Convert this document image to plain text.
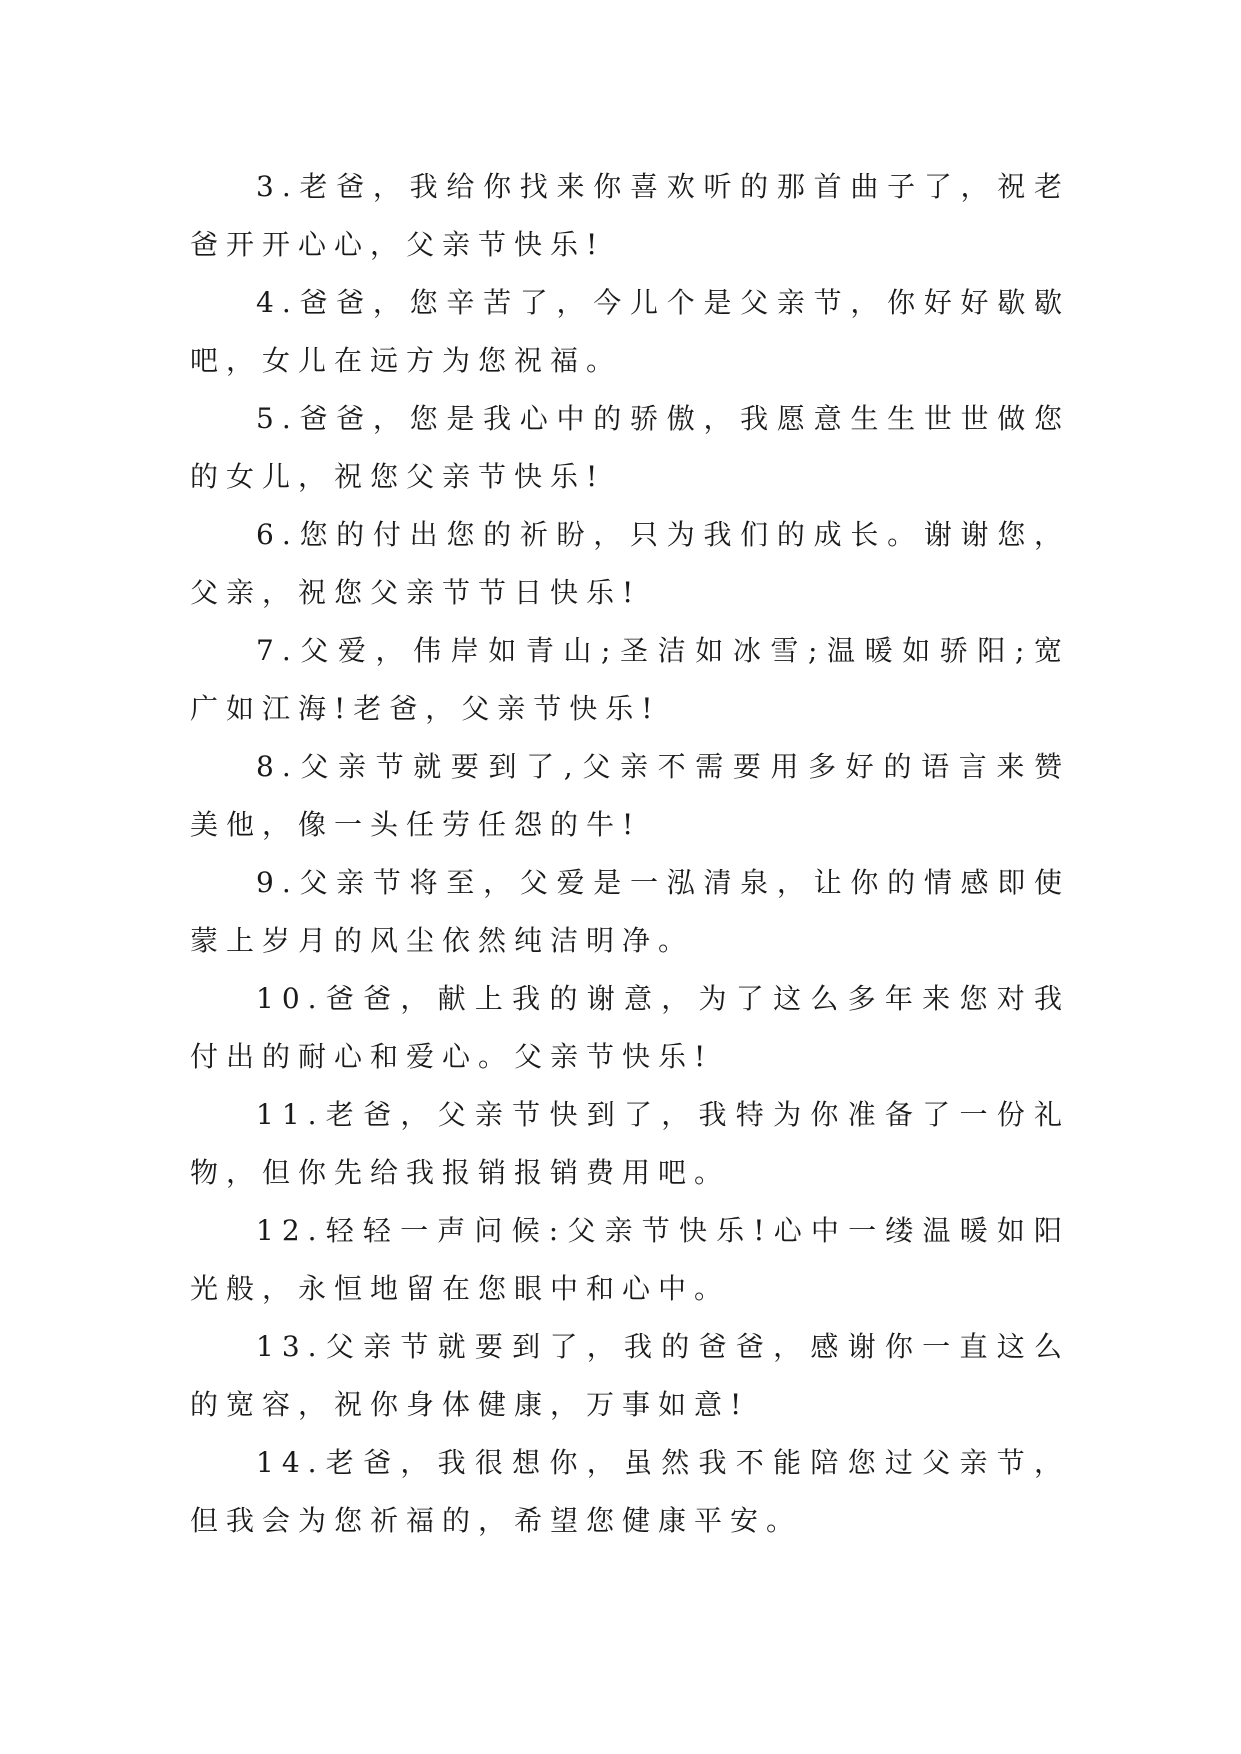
3.老爸，我给你找来你喜欢听的那首曲子了，祝老爸开开心心，父亲节快乐!

4.爸爸，您辛苦了，今儿个是父亲节，你好好歇歇吧，女儿在远方为您祝福。

5.爸爸，您是我心中的骄傲，我愿意生生世世做您的女儿，祝您父亲节快乐!

6.您的付出您的祈盼，只为我们的成长。谢谢您，父亲，祝您父亲节节日快乐!

7.父爱，伟岸如青山;圣洁如冰雪;温暖如骄阳;宽广如江海!老爸，父亲节快乐!

8.父亲节就要到了,父亲不需要用多好的语言来赞美他，像一头任劳任怨的牛!

9.父亲节将至，父爱是一泓清泉，让你的情感即使蒙上岁月的风尘依然纯洁明净。

10.爸爸，献上我的谢意，为了这么多年来您对我付出的耐心和爱心。父亲节快乐!

11.老爸，父亲节快到了，我特为你准备了一份礼物，但你先给我报销报销费用吧。

12.轻轻一声问候:父亲节快乐!心中一缕温暖如阳光般，永恒地留在您眼中和心中。

13.父亲节就要到了，我的爸爸，感谢你一直这么的宽容，祝你身体健康，万事如意!

14.老爸，我很想你，虽然我不能陪您过父亲节，但我会为您祈福的，希望您健康平安。
